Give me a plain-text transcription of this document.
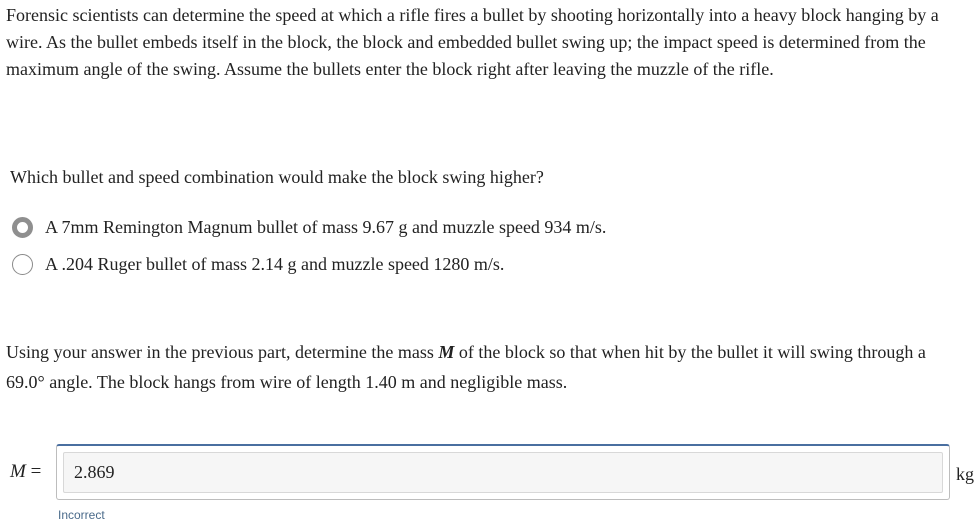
Forensic scientists can determine the speed at which a rifle fires a bullet by shooting horizontally into a heavy block hanging by a wire. As the bullet embeds itself in the block, the block and embedded bullet swing up; the impact speed is determined from the maximum angle of the swing. Assume the bullets enter the block right after leaving the muzzle of the rifle.
Which bullet and speed combination would make the block swing higher?
A 7mm Remington Magnum bullet of mass 9.67 g and muzzle speed 934 m/s.
A .204 Ruger bullet of mass 2.14 g and muzzle speed 1280 m/s.
Using your answer in the previous part, determine the mass M of the block so that when hit by the bullet it will swing through a 69.0° angle. The block hangs from wire of length 1.40 m and negligible mass.
M =
2.869	kg
Incorrect
